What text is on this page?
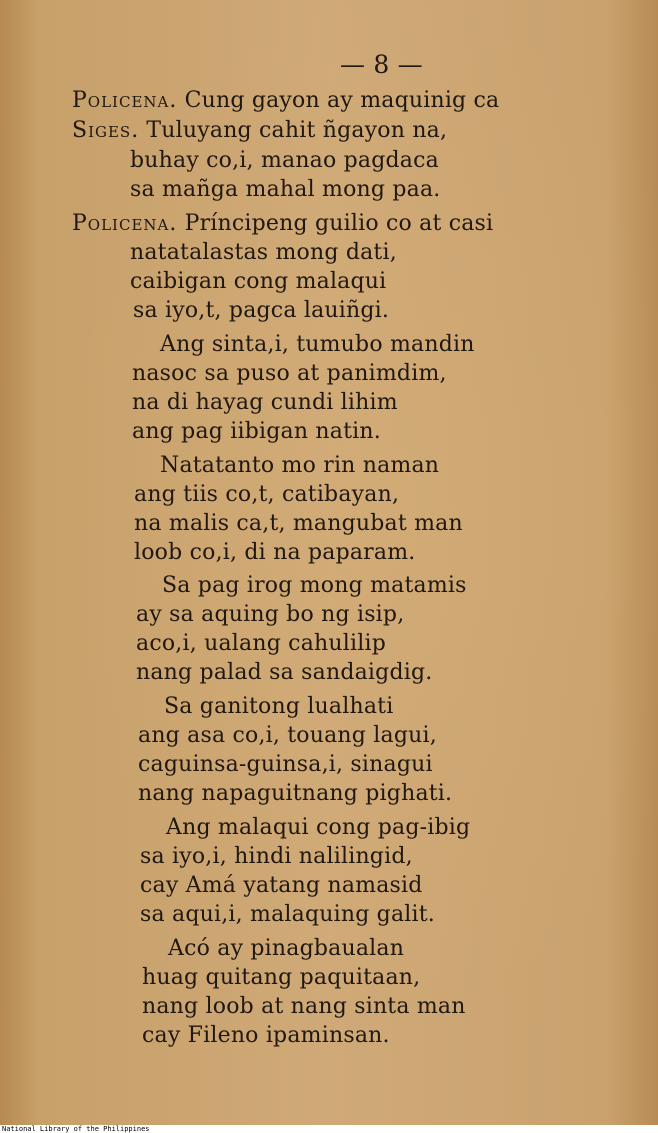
— 8 —
Policena. Cung gayon ay maquinig ca
Siges. Tuluyang cahit ñgayon na,
buhay co,i, manao pagdaca
sa mañga mahal mong paa.
Policena. Príncipeng guilio co at casi
natatalastas mong dati,
caibigan cong malaqui
sa iyo,t, pagca lauiñgi.
Ang sinta,i, tumubo mandin
nasoc sa puso at panimdim,
na di hayag cundi lihim
ang pag iibigan natin.
Natatanto mo rin naman
ang tiis co,t, catibayan,
na malis ca,t, mangubat man
loob co,i, di na paparam.
Sa pag irog mong matamis
ay sa aquing bo ng isip,
aco,i, ualang cahulilip
nang palad sa sandaigdig.
Sa ganitong lualhati
ang asa co,i, touang lagui,
caguinsa-guinsa,i, sinagui
nang napaguitnang pighati.
Ang malaqui cong pag-ibig
sa iyo,i, hindi nalilingid,
cay Amá yatang namasid
sa aqui,i, malaquing galit.
Acó ay pinagbaualan
huag quitang paquitaan,
nang loob at nang sinta man
cay Fileno ipaminsan.
National Library of the Philippines
